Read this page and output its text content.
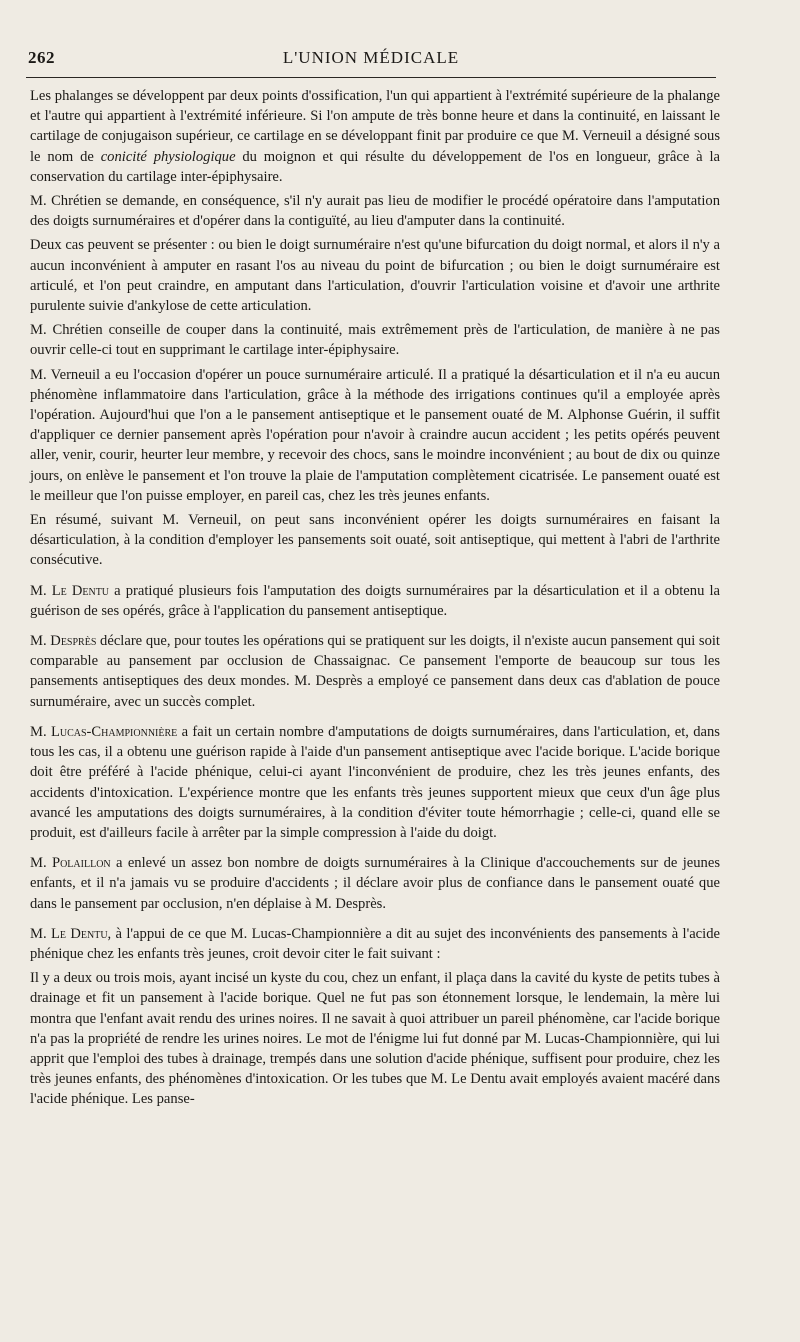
262	L'UNION MÉDICALE

Les phalanges se développent par deux points d'ossification, l'un qui appartient à l'extrémité supérieure de la phalange et l'autre qui appartient à l'extrémité inférieure. Si l'on ampute de très bonne heure et dans la continuité, en laissant le cartilage de conjugaison supérieur, ce cartilage en se développant finit par produire ce que M. Verneuil a désigné sous le nom de conicité physiologique du moignon et qui résulte du développement de l'os en longueur, grâce à la conservation du cartilage inter-épiphysaire.

M. Chrétien se demande, en conséquence, s'il n'y aurait pas lieu de modifier le procédé opératoire dans l'amputation des doigts surnuméraires et d'opérer dans la contiguïté, au lieu d'amputer dans la continuité.

Deux cas peuvent se présenter : ou bien le doigt surnuméraire n'est qu'une bifurcation du doigt normal, et alors il n'y a aucun inconvénient à amputer en rasant l'os au niveau du point de bifurcation ; ou bien le doigt surnuméraire est articulé, et l'on peut craindre, en amputant dans l'articulation, d'ouvrir l'articulation voisine et d'avoir une arthrite purulente suivie d'ankylose de cette articulation.

M. Chrétien conseille de couper dans la continuité, mais extrêmement près de l'articulation, de manière à ne pas ouvrir celle-ci tout en supprimant le cartilage inter-épiphysaire.

M. Verneuil a eu l'occasion d'opérer un pouce surnuméraire articulé. Il a pratiqué la désarticulation et il n'a eu aucun phénomène inflammatoire dans l'articulation, grâce à la méthode des irrigations continues qu'il a employée après l'opération. Aujourd'hui que l'on a le pansement antiseptique et le pansement ouaté de M. Alphonse Guérin, il suffit d'appliquer ce dernier pansement après l'opération pour n'avoir à craindre aucun accident ; les petits opérés peuvent aller, venir, courir, heurter leur membre, y recevoir des chocs, sans le moindre inconvénient ; au bout de dix ou quinze jours, on enlève le pansement et l'on trouve la plaie de l'amputation complètement cicatrisée. Le pansement ouaté est le meilleur que l'on puisse employer, en pareil cas, chez les très jeunes enfants.

En résumé, suivant M. Verneuil, on peut sans inconvénient opérer les doigts surnuméraires en faisant la désarticulation, à la condition d'employer les pansements soit ouaté, soit antiseptique, qui mettent à l'abri de l'arthrite consécutive.

M. Le Dentu a pratiqué plusieurs fois l'amputation des doigts surnuméraires par la désarticulation et il a obtenu la guérison de ses opérés, grâce à l'application du pansement antiseptique.

M. Desprès déclare que, pour toutes les opérations qui se pratiquent sur les doigts, il n'existe aucun pansement qui soit comparable au pansement par occlusion de Chassaignac. Ce pansement l'emporte de beaucoup sur tous les pansements antiseptiques des deux mondes. M. Desprès a employé ce pansement dans deux cas d'ablation de pouce surnuméraire, avec un succès complet.

M. Lucas-Championnière a fait un certain nombre d'amputations de doigts surnuméraires, dans l'articulation, et, dans tous les cas, il a obtenu une guérison rapide à l'aide d'un pansement antiseptique avec l'acide borique. L'acide borique doit être préféré à l'acide phénique, celui-ci ayant l'inconvénient de produire, chez les très jeunes enfants, des accidents d'intoxication. L'expérience montre que les enfants très jeunes supportent mieux que ceux d'un âge plus avancé les amputations des doigts surnuméraires, à la condition d'éviter toute hémorrhagie ; celle-ci, quand elle se produit, est d'ailleurs facile à arrêter par la simple compression à l'aide du doigt.

M. Polaillon a enlevé un assez bon nombre de doigts surnuméraires à la Clinique d'accouchements sur de jeunes enfants, et il n'a jamais vu se produire d'accidents ; il déclare avoir plus de confiance dans le pansement ouaté que dans le pansement par occlusion, n'en déplaise à M. Desprès.

M. Le Dentu, à l'appui de ce que M. Lucas-Championnière a dit au sujet des inconvénients des pansements à l'acide phénique chez les enfants très jeunes, croit devoir citer le fait suivant :

Il y a deux ou trois mois, ayant incisé un kyste du cou, chez un enfant, il plaça dans la cavité du kyste de petits tubes à drainage et fit un pansement à l'acide borique. Quel ne fut pas son étonnement lorsque, le lendemain, la mère lui montra que l'enfant avait rendu des urines noires. Il ne savait à quoi attribuer un pareil phénomène, car l'acide borique n'a pas la propriété de rendre les urines noires. Le mot de l'énigme lui fut donné par M. Lucas-Championnière, qui lui apprit que l'emploi des tubes à drainage, trempés dans une solution d'acide phénique, suffisent pour produire, chez les très jeunes enfants, des phénomènes d'intoxication. Or les tubes que M. Le Dentu avait employés avaient macéré dans l'acide phénique. Les panse-
